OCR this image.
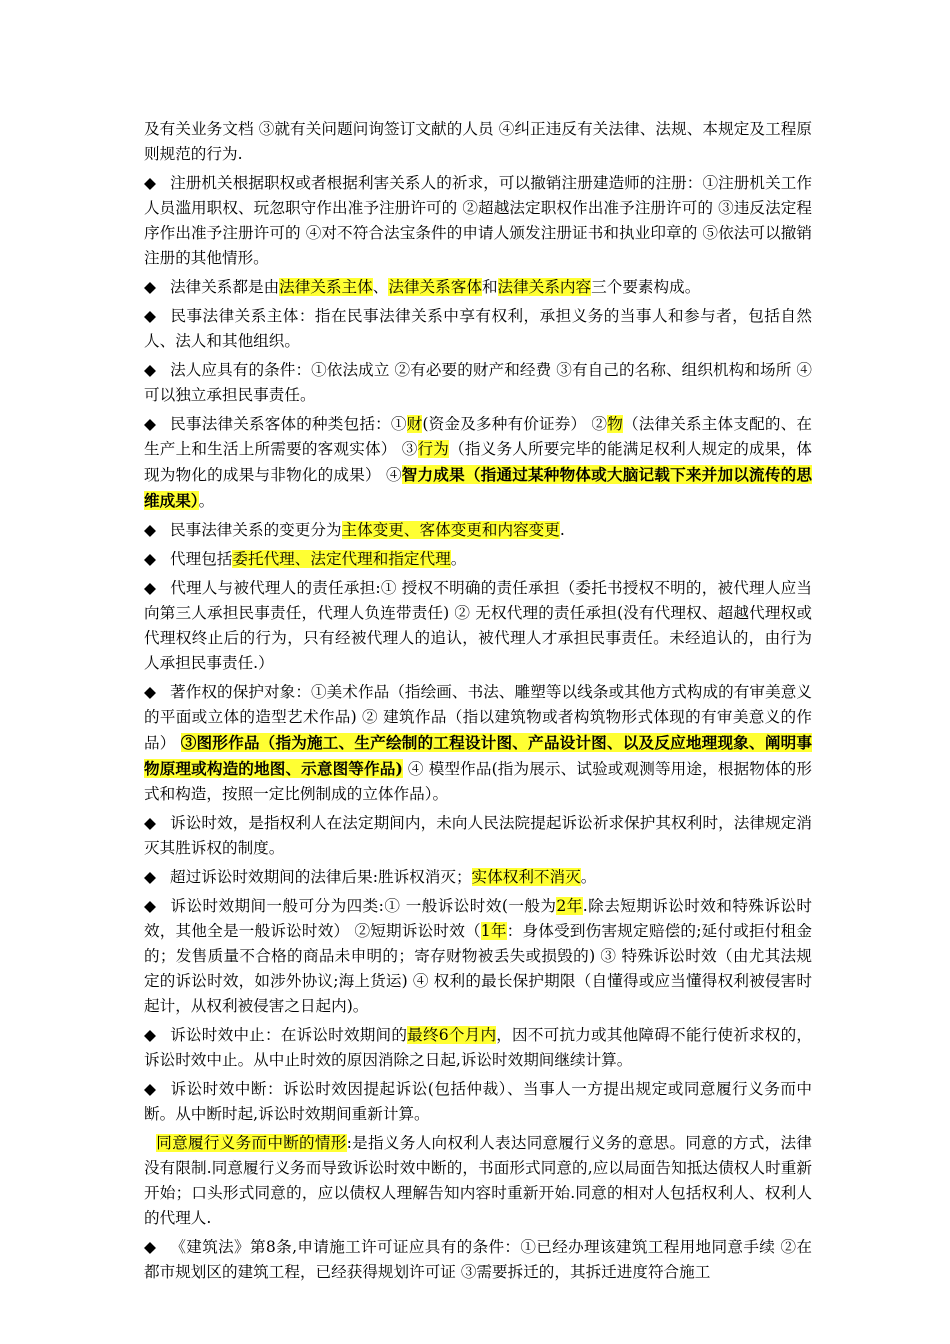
及有关业务文档 ③就有关问题问询签订文献的人员 ④纠正违反有关法律、法规、本规定及工程原则规范的行为.

◆ 注册机关根据职权或者根据利害关系人的祈求，可以撤销注册建造师的注册：①注册机关工作人员滥用职权、玩忽职守作出准予注册许可的 ②超越法定职权作出准予注册许可的 ③违反法定程序作出准予注册许可的 ④对不符合法宝条件的申请人颁发注册证书和执业印章的 ⑤依法可以撤销注册的其他情形。

◆ 法律关系都是由法律关系主体、法律关系客体和法律关系内容三个要素构成。

◆ 民事法律关系主体：指在民事法律关系中享有权利，承担义务的当事人和参与者，包括自然人、法人和其他组织。

◆ 法人应具有的条件：①依法成立 ②有必要的财产和经费 ③有自己的名称、组织机构和场所 ④可以独立承担民事责任。

◆ 民事法律关系客体的种类包括：①财(资金及多种有价证券） ②物（法律关系主体支配的、在生产上和生活上所需要的客观实体） ③行为（指义务人所要完毕的能满足权利人规定的成果，体现为物化的成果与非物化的成果） ④智力成果（指通过某种物体或大脑记载下来并加以流传的思维成果）。

◆ 民事法律关系的变更分为主体变更、客体变更和内容变更.

◆ 代理包括委托代理、法定代理和指定代理。

◆ 代理人与被代理人的责任承担:① 授权不明确的责任承担（委托书授权不明的，被代理人应当向第三人承担民事责任，代理人负连带责任) ② 无权代理的责任承担(没有代理权、超越代理权或代理权终止后的行为，只有经被代理人的追认，被代理人才承担民事责任。未经追认的，由行为人承担民事责任.）

◆ 著作权的保护对象：①美术作品（指绘画、书法、雕塑等以线条或其他方式构成的有审美意义的平面或立体的造型艺术作品) ② 建筑作品（指以建筑物或者构筑物形式体现的有审美意义的作品） ③图形作品（指为施工、生产绘制的工程设计图、产品设计图、以及反应地理现象、阐明事物原理或构造的地图、示意图等作品) ④ 模型作品(指为展示、试验或观测等用途，根据物体的形式和构造，按照一定比例制成的立体作品）。

◆ 诉讼时效，是指权利人在法定期间内，未向人民法院提起诉讼祈求保护其权利时，法律规定消灭其胜诉权的制度。

◆ 超过诉讼时效期间的法律后果:胜诉权消灭；实体权利不消灭。

◆ 诉讼时效期间一般可分为四类:① 一般诉讼时效(一般为2年.除去短期诉讼时效和特殊诉讼时效，其他全是一般诉讼时效） ②短期诉讼时效（1年：身体受到伤害规定赔偿的;延付或拒付租金的；发售质量不合格的商品未申明的；寄存财物被丢失或损毁的) ③ 特殊诉讼时效（由尤其法规定的诉讼时效，如涉外协议;海上货运) ④ 权利的最长保护期限（自懂得或应当懂得权利被侵害时起计，从权利被侵害之日起内)。

◆ 诉讼时效中止：在诉讼时效期间的最终6个月内，因不可抗力或其他障碍不能行使祈求权的，诉讼时效中止。从中止时效的原因消除之日起,诉讼时效期间继续计算。

◆ 诉讼时效中断：诉讼时效因提起诉讼(包括仲裁）、当事人一方提出规定或同意履行义务而中断。从中断时起,诉讼时效期间重新计算。

同意履行义务而中断的情形:是指义务人向权利人表达同意履行义务的意思。同意的方式，法律没有限制.同意履行义务而导致诉讼时效中断的，书面形式同意的,应以局面告知抵达债权人时重新开始；口头形式同意的，应以债权人理解告知内容时重新开始.同意的相对人包括权利人、权利人的代理人.

◆ 《建筑法》第8条,申请施工许可证应具有的条件：①已经办理该建筑工程用地同意手续 ②在都市规划区的建筑工程，已经获得规划许可证 ③需要拆迁的，其拆迁进度符合施工
